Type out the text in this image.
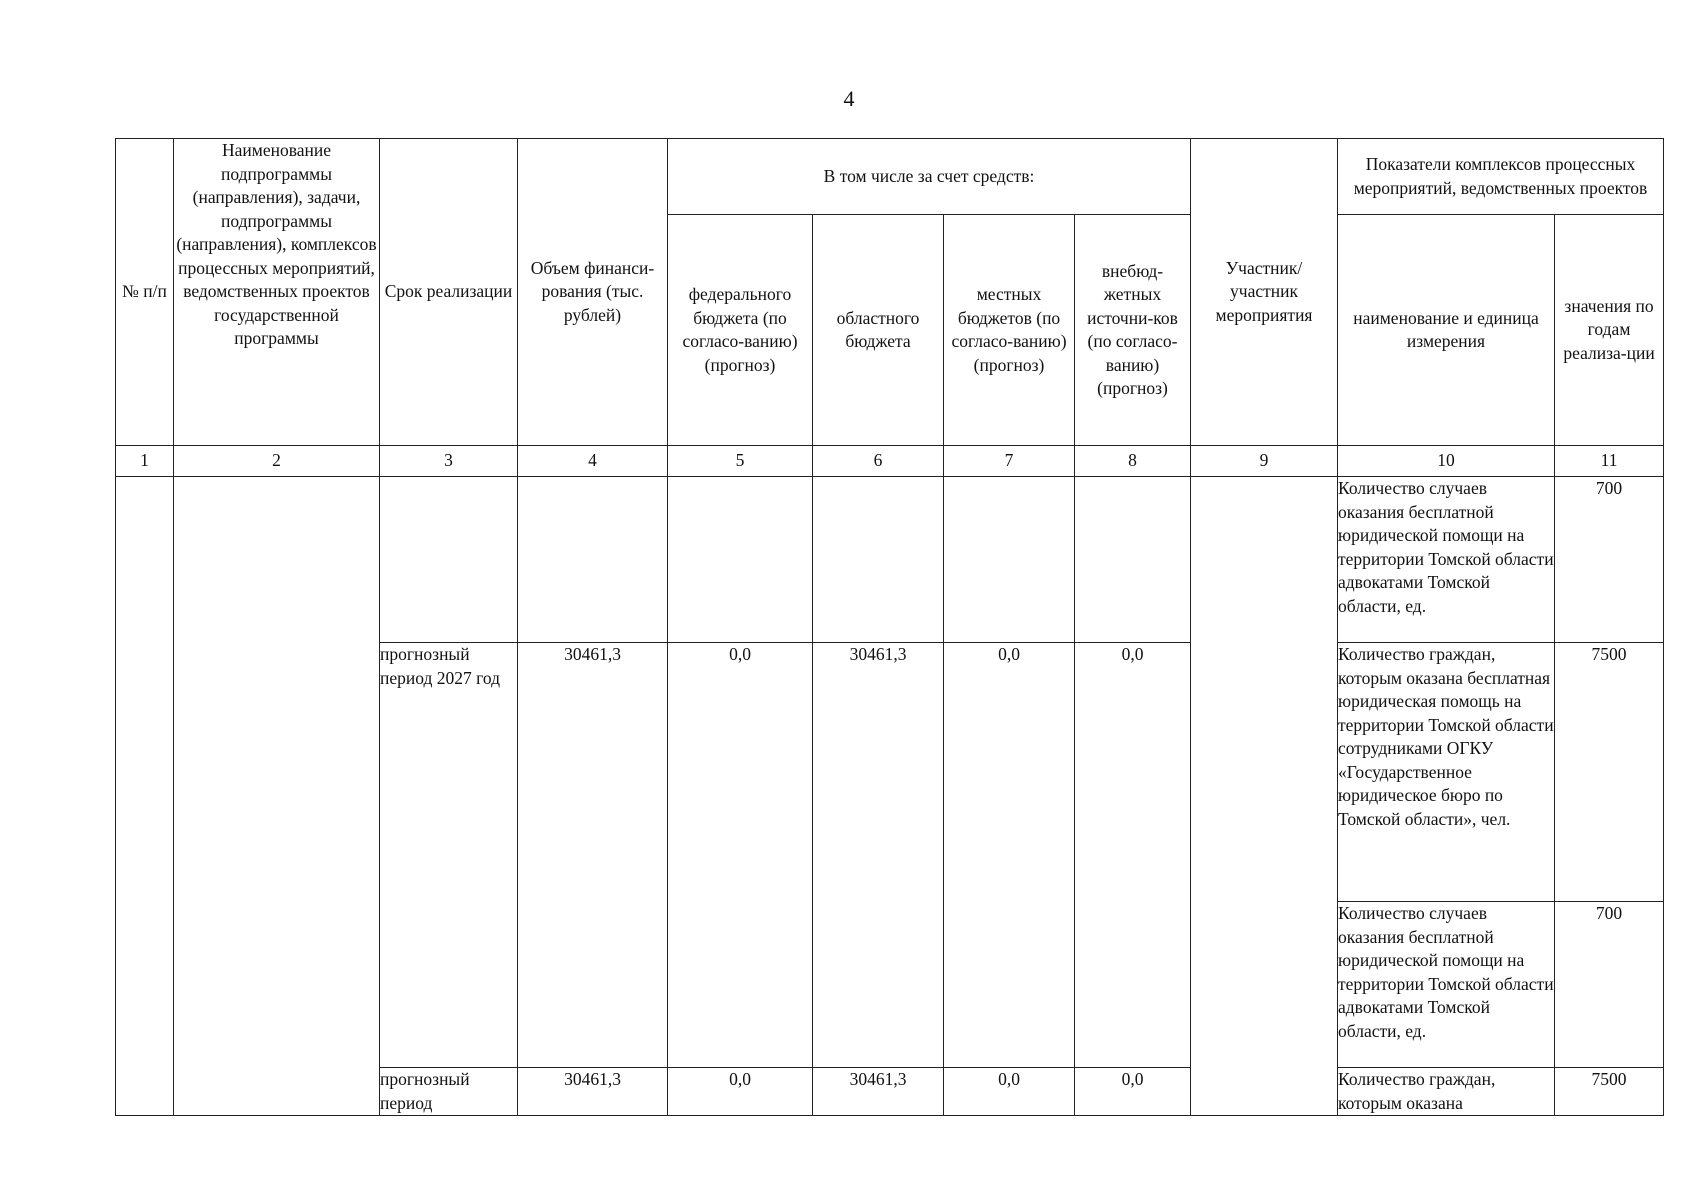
4
№ п/п	Наименование подпрограммы (направления), задачи, подпрограммы (направления), комплексов процессных мероприятий, ведомственных проектов государственной программы	Срок реализации	Объем финанси-рования (тыс. рублей)	В том числе за счет средств:				Участник/ участник мероприятия	Показатели комплексов процессных мероприятий, ведомственных проектов	
				федерального бюджета (по согласо-ванию) (прогноз)	областного бюджета	местных бюджетов (по согласо-ванию) (прогноз)	внебюд-жетных источни-ков (по согласо-ванию) (прогноз)		наименование и единица измерения	значения по годам реализа-ции
1	2	3	4	5	6	7	8	9	10	11
									Количество случаев оказания бесплатной юридической помощи на территории Томской области адвокатами Томской области, ед.	700
		прогнозный период 2027 год	30461,3	0,0	30461,3	0,0	0,0		Количество граждан, которым оказана бесплатная юридическая помощь на территории Томской области сотрудниками ОГКУ «Государственное юридическое бюро по Томской области», чел.	7500
									Количество случаев оказания бесплатной юридической помощи на территории Томской области адвокатами Томской области, ед.	700
		прогнозный период	30461,3	0,0	30461,3	0,0	0,0		Количество граждан, которым оказана	7500
